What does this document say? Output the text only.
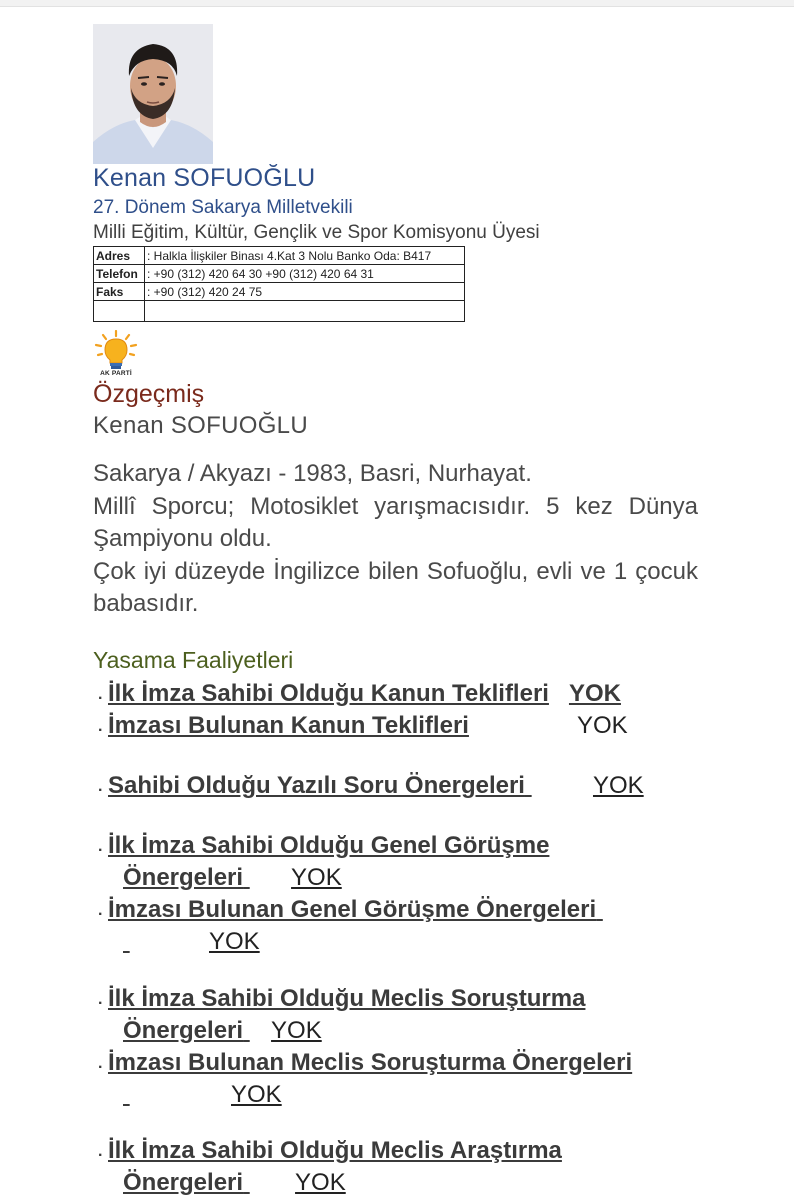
Kenan SOFUOĞLU
27. Dönem Sakarya Milletvekili
Milli Eğitim, Kültür, Gençlik ve Spor Komisyonu Üyesi
Adres	: Halkla İlişkiler Binası 4.Kat 3 Nolu Banko Oda: B417
Telefon	: +90 (312) 420 64 30 +90 (312) 420 64 31
Faks	: +90 (312) 420 24 75

AK PARTİ
Özgeçmiş
Kenan SOFUOĞLU

Sakarya / Akyazı - 1983, Basri, Nurhayat.

Millî Sporcu; Motosiklet yarışmacısıdır. 5 kez Dünya Şampiyonu oldu.

Çok iyi düzeyde İngilizce bilen Sofuoğlu, evli ve 1 çocuk babasıdır.

Yasama Faaliyetleri
. İlk İmza Sahibi Olduğu Kanun Teklifleri YOK
. İmzası Bulunan Kanun Teklifleri	YOK
. Sahibi Olduğu Yazılı Soru Önergeleri	YOK
. İlk İmza Sahibi Olduğu Genel Görüşme
Önergeleri YOK
. İmzası Bulunan Genel Görüşme Önergeleri
YOK
. İlk İmza Sahibi Olduğu Meclis Soruşturma
Önergeleri YOK
. İmzası Bulunan Meclis Soruşturma Önergeleri
YOK
. İlk İmza Sahibi Olduğu Meclis Araştırma
Önergeleri YOK
